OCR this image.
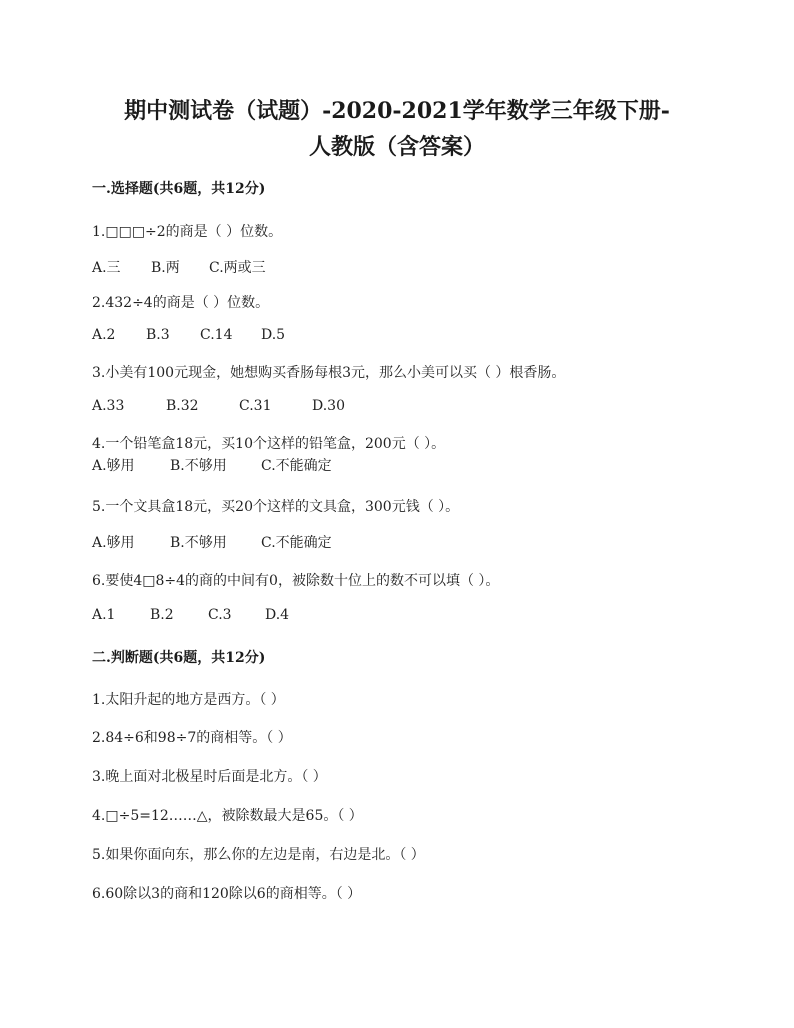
期中测试卷（试题）-2020-2021学年数学三年级下册-
人教版（含答案）
一.选择题(共6题，共12分)
1.□□□÷2的商是（ ）位数。
A.三 B.两 C.两或三
2.432÷4的商是（ ）位数。
A.2 B.3 C.14 D.5
3.小美有100元现金，她想购买香肠每根3元，那么小美可以买（ ）根香肠。
A.33	B.32	C.31	D.30
4.一个铅笔盒18元，买10个这样的铅笔盒，200元（ ）。
A.够用	B.不够用 C.不能确定
5.一个文具盒18元，买20个这样的文具盒，300元钱（ ）。
A.够用	B.不够用 C.不能确定
6.要使4□8÷4的商的中间有0，被除数十位上的数不可以填（ ）。
A.1 B.2 C.3 D.4
二.判断题(共6题，共12分)
1.太阳升起的地方是西方。（ ）
2.84÷6和98÷7的商相等。（ ）
3.晚上面对北极星时后面是北方。（ ）
4.□÷5=12……△，被除数最大是65。（ ）
5.如果你面向东，那么你的左边是南，右边是北。（ ）
6.60除以3的商和120除以6的商相等。（ ）
